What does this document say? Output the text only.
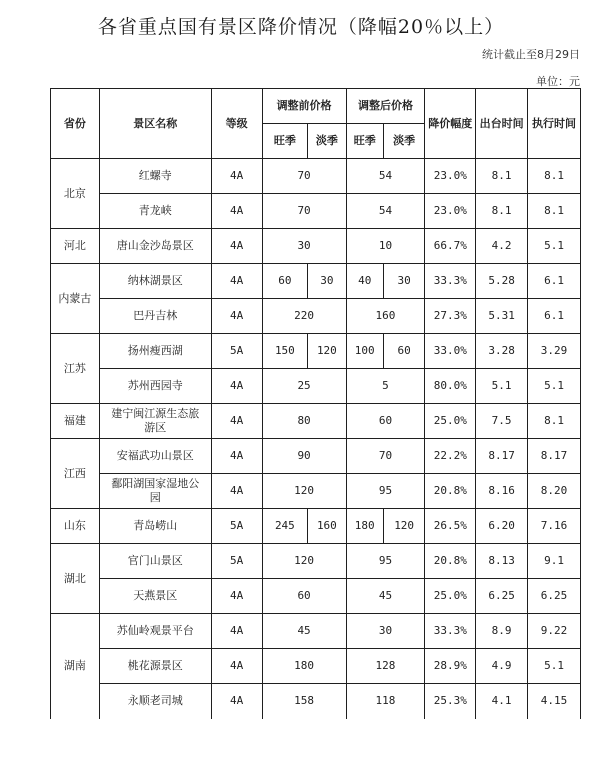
各省重点国有景区降价情况（降幅20％以上）
统计截止至8月29日
单位：元
省份	景区名称	等级	调整前价格		调整后价格		降价幅度	出台时间	执行时间
			旺季	淡季	旺季	淡季			
北京	红螺寺	4A	70		54		23.0%	8.1	8.1
	青龙峡	4A	70		54		23.0%	8.1	8.1
河北	唐山金沙岛景区	4A	30		10		66.7%	4.2	5.1
内蒙古	纳林湖景区	4A	60	30	40	30	33.3%	5.28	6.1
	巴丹吉林	4A	220		160		27.3%	5.31	6.1
江苏	扬州瘦西湖	5A	150	120	100	60	33.0%	3.28	3.29
	苏州西园寺	4A	25		5		80.0%	5.1	5.1
福建	建宁闽江源生态旅
游区	4A	80		60		25.0%	7.5	8.1
江西	安福武功山景区	4A	90		70		22.2%	8.17	8.17
	鄱阳湖国家湿地公
园	4A	120		95		20.8%	8.16	8.20
山东	青岛崂山	5A	245	160	180	120	26.5%	6.20	7.16
湖北	官门山景区	5A	120		95		20.8%	8.13	9.1
	天燕景区	4A	60		45		25.0%	6.25	6.25
湖南	苏仙岭观景平台	4A	45		30		33.3%	8.9	9.22
	桃花源景区	4A	180		128		28.9%	4.9	5.1
	永顺老司城	4A	158		118		25.3%	4.1	4.15
